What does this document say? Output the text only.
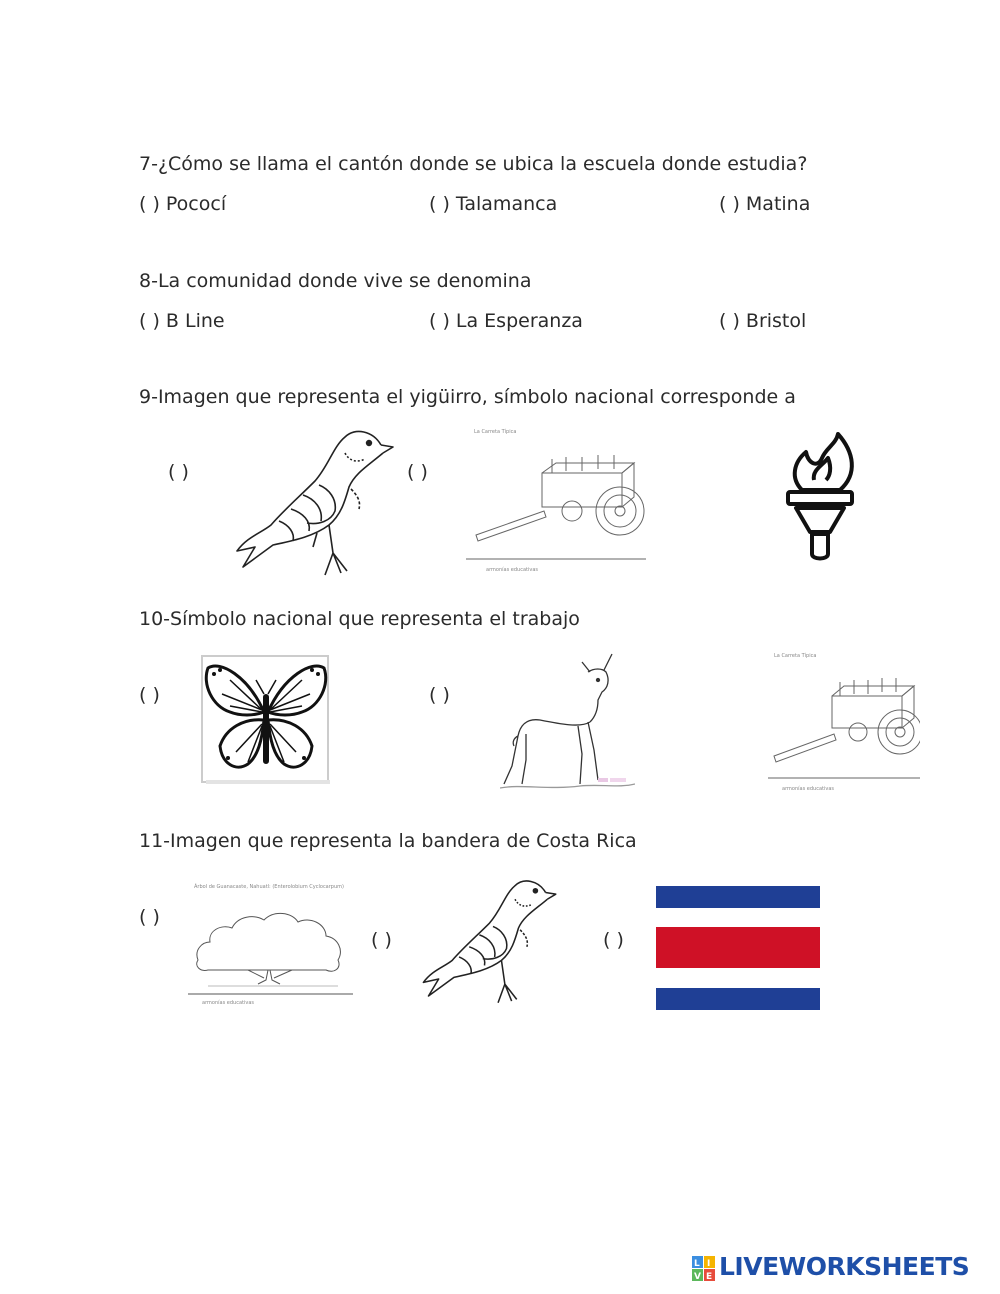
7-¿Cómo se llama el cantón donde se ubica la escuela donde estudia?
( ) Pococí	( ) Talamanca	( ) Matina
8-La comunidad donde vive se denomina
( ) B Line	( ) La Esperanza	( ) Bristol
9-Imagen que representa el yigüirro, símbolo nacional corresponde a
( )	( )
La Carreta Típica
armonías educativas
10-Símbolo nacional que representa el trabajo
( )	( )
La Carreta Típica
armonías educativas
11-Imagen que representa la bandera de Costa Rica
( )
( )	( )
Árbol de Guanacaste, Nahuatl: (Enterolobium Cyclocarpum)
armonías educativas
L I
V E LIVEWORKSHEETS
